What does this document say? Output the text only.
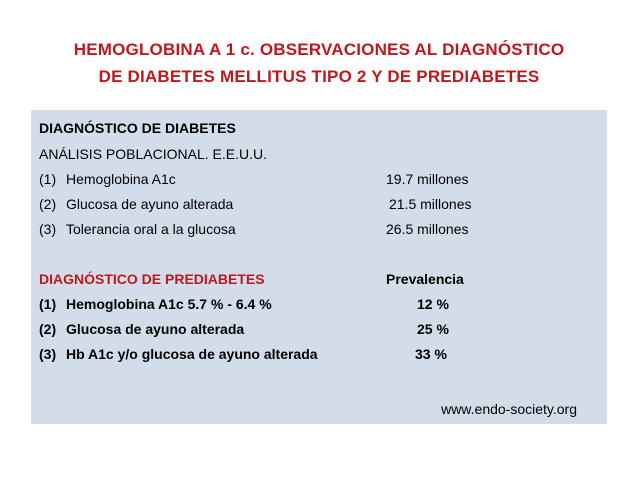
HEMOGLOBINA A 1 c. OBSERVACIONES AL DIAGNÓSTICO
DE DIABETES MELLITUS TIPO 2 Y DE PREDIABETES
DIAGNÓSTICO DE DIABETES
ANÁLISIS POBLACIONAL. E.E.U.U.
(1) Hemoglobina A1c	19.7 millones
(2) Glucosa de ayuno alterada	21.5 millones
(3) Tolerancia oral a la glucosa	26.5 millones
DIAGNÓSTICO DE PREDIABETES	Prevalencia
(1) Hemoglobina A1c 5.7 % - 6.4 %	12 %
(2) Glucosa de ayuno alterada	25 %
(3) Hb A1c y/o glucosa de ayuno alterada	33 %
www.endo-society.org
